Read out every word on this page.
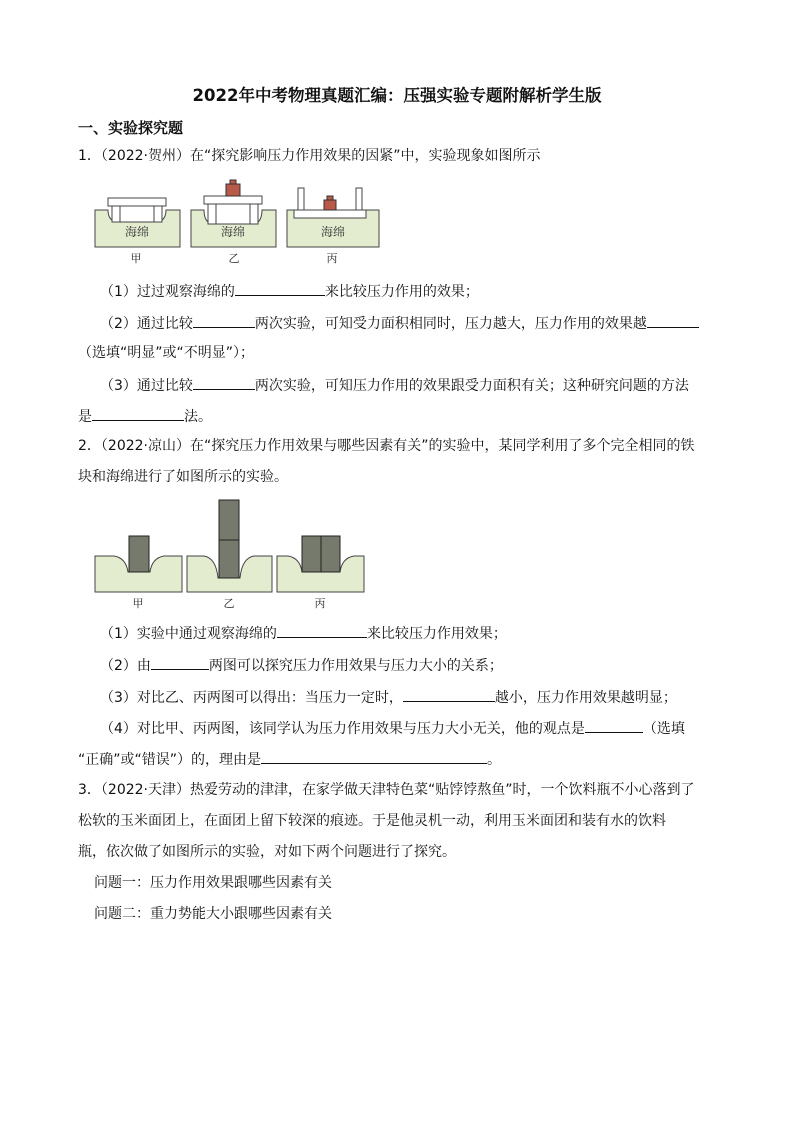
2022年中考物理真题汇编：压强实验专题附解析学生版
一、实验探究题
1．（2022·贺州）在“探究影响压力作用效果的因紧”中，实验现象如图所示
海绵	海绵	海绵
甲	乙	丙
（1）过过观察海绵的	来比较压力作用的效果；
（2）通过比较	两次实验，可知受力面积相同时，压力越大，压力作用的效果越
（选填“明显”或“不明显”）；
（3）通过比较	两次实验，可知压力作用的效果跟受力面积有关；这种研究问题的方法
是	法。
2．（2022·凉山）在“探究压力作用效果与哪些因素有关”的实验中，某同学利用了多个完全相同的铁
块和海绵进行了如图所示的实验。
甲	乙	丙
（1）实验中通过观察海绵的	来比较压力作用效果；
（2）由	两图可以探究压力作用效果与压力大小的关系；
（3）对比乙、丙两图可以得出：当压力一定时，	越小，压力作用效果越明显；
（4）对比甲、丙两图，该同学认为压力作用效果与压力大小无关，他的观点是	（选填
“正确”或“错误”）的，理由是	。
3．（2022·天津）热爱劳动的津津，在家学做天津特色菜“贴饽饽熬鱼”时，一个饮料瓶不小心落到了
松软的玉米面团上，在面团上留下较深的痕迹。于是他灵机一动，利用玉米面团和装有水的饮料
瓶，依次做了如图所示的实验，对如下两个问题进行了探究。
问题一：压力作用效果跟哪些因素有关
问题二：重力势能大小跟哪些因素有关
